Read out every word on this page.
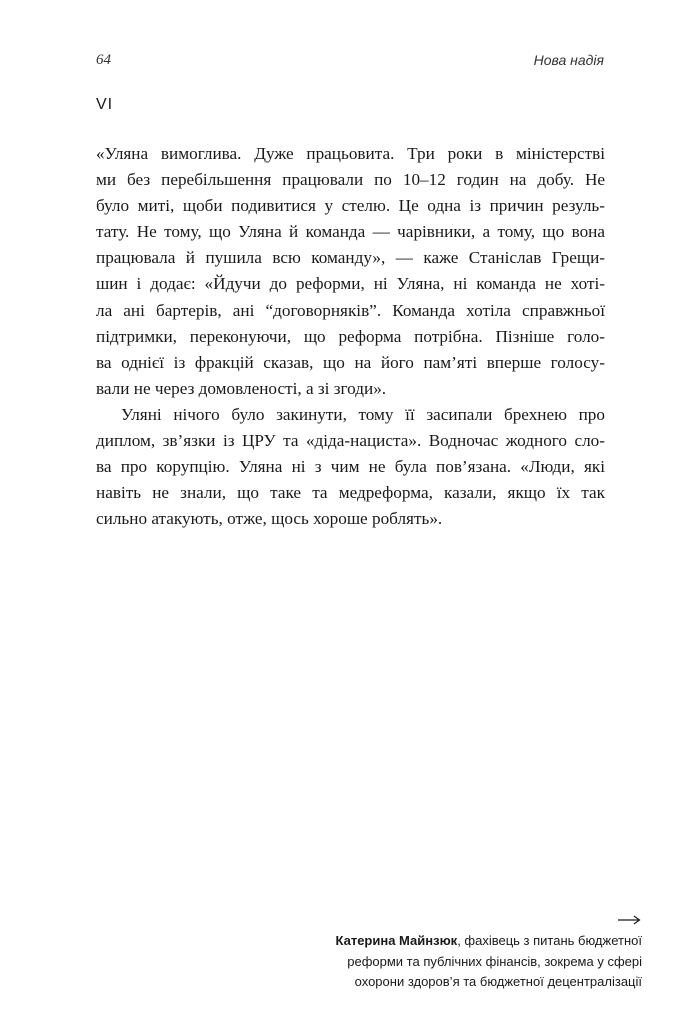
64	Нова надія
VI
«Уляна вимоглива. Дуже працьовита. Три роки в міністерстві
ми без перебільшення працювали по 10–12 годин на добу. Не
було миті, щоби подивитися у стелю. Це одна із причин резуль-
тату. Не тому, що Уляна й команда — чарівники, а тому, що вона
працювала й пушила всю команду», — каже Станіслав Грещи-
шин і додає: «Йдучи до реформи, ні Уляна, ні команда не хоті-
ла ані бартерів, ані “договорняків”. Команда хотіла справжньої
підтримки, переконуючи, що реформа потрібна. Пізніше голо-
ва однієї із фракцій сказав, що на його пам’яті вперше голосу-
вали не через домовленості, а зі згоди».
Уляні нічого було закинути, тому її засипали брехнею про
диплом, зв’язки із ЦРУ та «діда-нациста». Водночас жодного сло-
ва про корупцію. Уляна ні з чим не була пов’язана. «Люди, які
навіть не знали, що таке та медреформа, казали, якщо їх так
сильно атакують, отже, щось хороше роблять».
Катерина Майнзюк, фахівець з питань бюджетної
реформи та публічних фінансів, зокрема у сфері
охорони здоров’я та бюджетної децентралізації
